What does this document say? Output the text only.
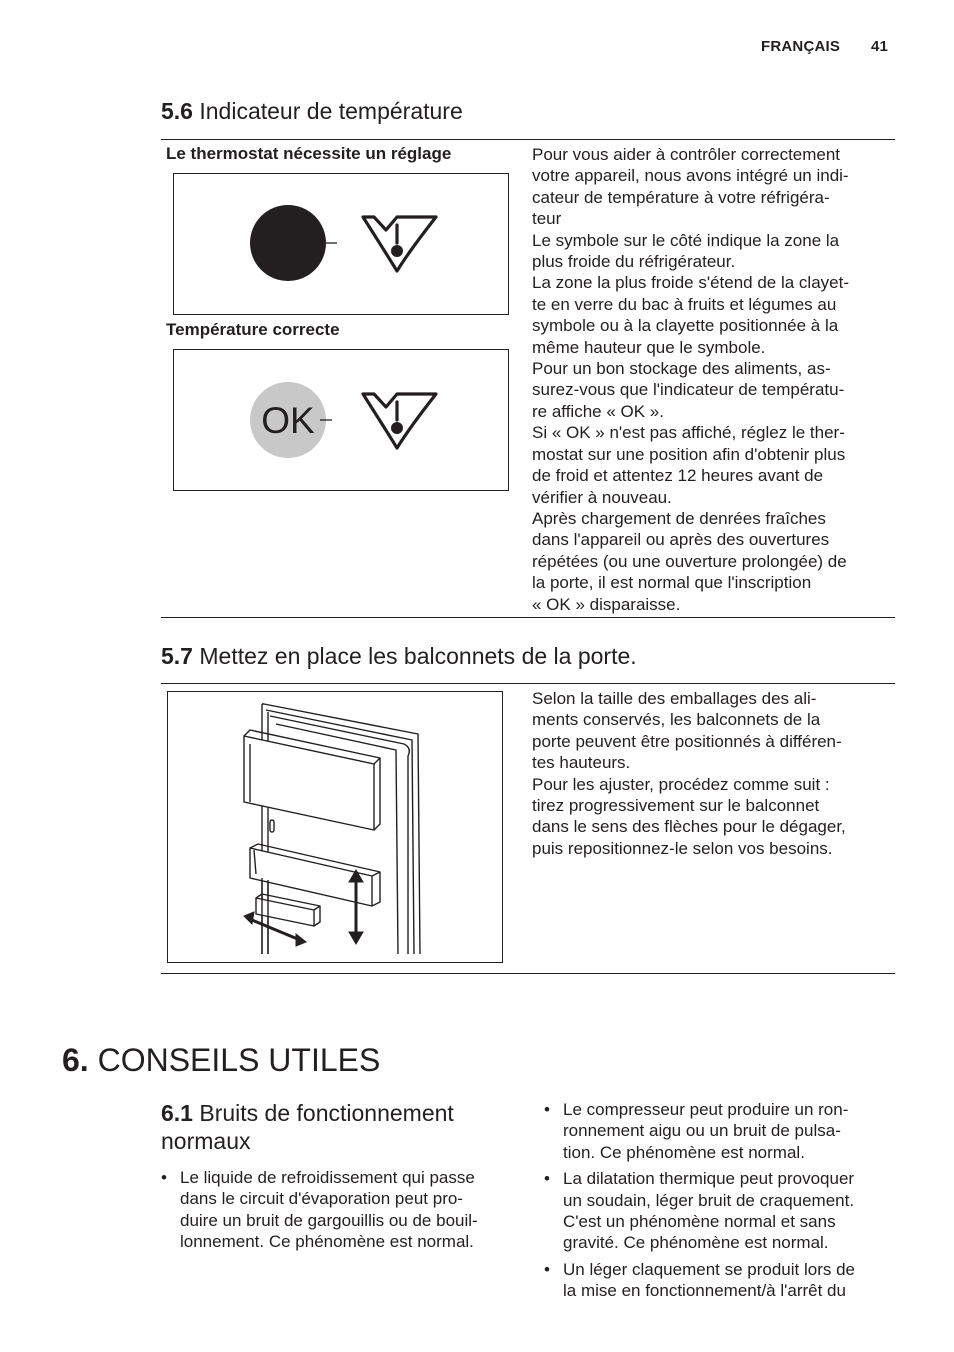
FRANÇAIS 41
5.6 Indicateur de température
Le thermostat nécessite un réglage
Température correcte
OK
Pour vous aider à contrôler correctement
votre appareil, nous avons intégré un indi-
cateur de température à votre réfrigéra-
teur
Le symbole sur le côté indique la zone la
plus froide du réfrigérateur.
La zone la plus froide s'étend de la clayet-
te en verre du bac à fruits et légumes au
symbole ou à la clayette positionnée à la
même hauteur que le symbole.
Pour un bon stockage des aliments, as-
surez-vous que l'indicateur de températu-
re affiche « OK ».
Si « OK » n'est pas affiché, réglez le ther-
mostat sur une position afin d'obtenir plus
de froid et attentez 12 heures avant de
vérifier à nouveau.
Après chargement de denrées fraîches
dans l'appareil ou après des ouvertures
répétées (ou une ouverture prolongée) de
la porte, il est normal que l'inscription
« OK » disparaisse.
5.7 Mettez en place les balconnets de la porte.
Selon la taille des emballages des ali-
ments conservés, les balconnets de la
porte peuvent être positionnés à différen-
tes hauteurs.
Pour les ajuster, procédez comme suit :
tirez progressivement sur le balconnet
dans le sens des flèches pour le dégager,
puis repositionnez-le selon vos besoins.
6. CONSEILS UTILES
6.1 Bruits de fonctionnement
normaux
• Le liquide de refroidissement qui passe
dans le circuit d'évaporation peut pro-
duire un bruit de gargouillis ou de bouil-
lonnement. Ce phénomène est normal.
• Le compresseur peut produire un ron-
ronnement aigu ou un bruit de pulsa-
tion. Ce phénomène est normal.
• La dilatation thermique peut provoquer
un soudain, léger bruit de craquement.
C'est un phénomène normal et sans
gravité. Ce phénomène est normal.
• Un léger claquement se produit lors de
la mise en fonctionnement/à l'arrêt du
